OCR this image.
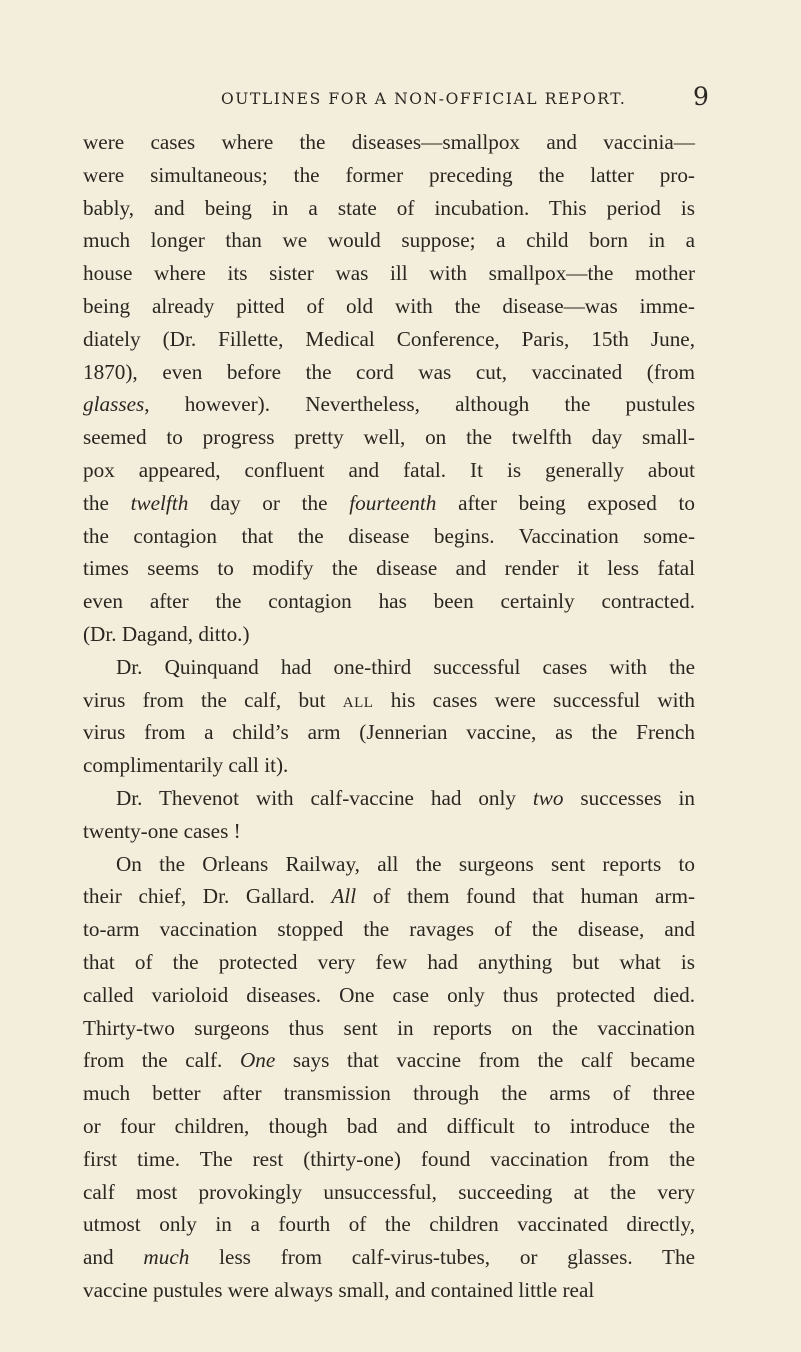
OUTLINES FOR A NON-OFFICIAL REPORT.	9
were cases where the diseases—smallpox and vaccinia—
were simultaneous; the former preceding the latter pro-
bably, and being in a state of incubation. This period is
much longer than we would suppose; a child born in a
house where its sister was ill with smallpox—the mother
being already pitted of old with the disease—was imme-
diately (Dr. Fillette, Medical Conference, Paris, 15th June,
1870), even before the cord was cut, vaccinated (from
glasses, however). Nevertheless, although the pustules
seemed to progress pretty well, on the twelfth day small-
pox appeared, confluent and fatal. It is generally about
the twelfth day or the fourteenth after being exposed to
the contagion that the disease begins. Vaccination some-
times seems to modify the disease and render it less fatal
even after the contagion has been certainly contracted.
(Dr. Dagand, ditto.)
Dr. Quinquand had one-third successful cases with the
virus from the calf, but all his cases were successful with
virus from a child’s arm (Jennerian vaccine, as the French
complimentarily call it).
Dr. Thevenot with calf-vaccine had only two successes in
twenty-one cases !
On the Orleans Railway, all the surgeons sent reports to
their chief, Dr. Gallard. All of them found that human arm-
to-arm vaccination stopped the ravages of the disease, and
that of the protected very few had anything but what is
called varioloid diseases. One case only thus protected died.
Thirty-two surgeons thus sent in reports on the vaccination
from the calf. One says that vaccine from the calf became
much better after transmission through the arms of three
or four children, though bad and difficult to introduce the
first time. The rest (thirty-one) found vaccination from the
calf most provokingly unsuccessful, succeeding at the very
utmost only in a fourth of the children vaccinated directly,
and much less from calf-virus-tubes, or glasses. The
vaccine pustules were always small, and contained little real
